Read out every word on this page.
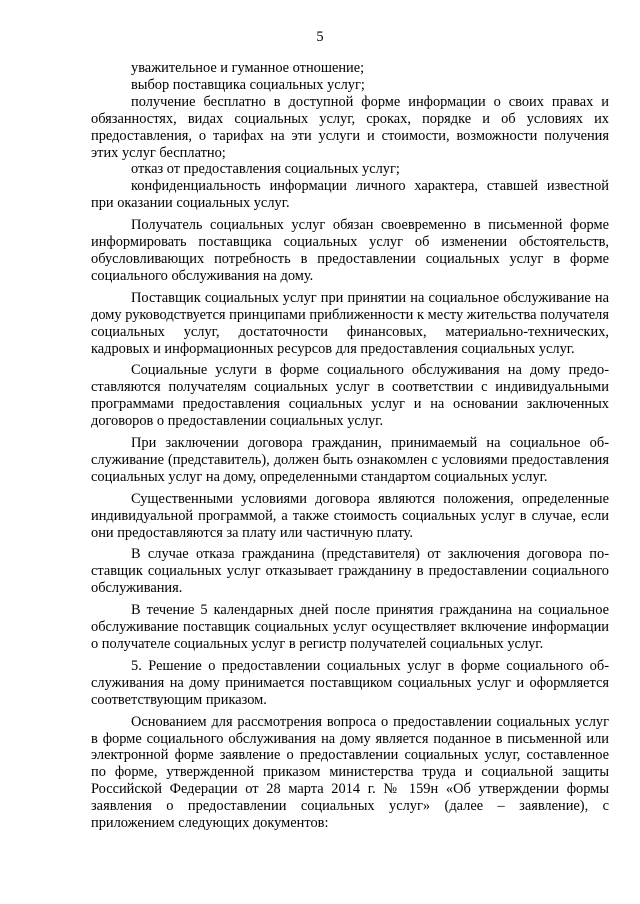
5

уважительное и гуманное отношение;

выбор поставщика социальных услуг;

получение бесплатно в доступной форме информации о своих правах и обязанностях, видах социальных услуг, сроках, порядке и об условиях их предоставления, о тарифах на эти услуги и стоимости, возможности получения этих услуг бесплатно;

отказ от предоставления социальных услуг;

конфиденциальность информации личного характера, ставшей известной при оказании социальных услуг.

Получатель социальных услуг обязан своевременно в письменной форме информировать поставщика социальных услуг об изменении обстоятельств, обусловливающих потребность в предоставлении социальных услуг в форме социального обслуживания на дому.

Поставщик социальных услуг при принятии на социальное обслуживание на дому руководствуется принципами приближенности к месту жительства получателя социальных услуг, достаточности финансовых, материально-технических, кадровых и информационных ресурсов для предоставления социальных услуг.

Социальные услуги в форме социального обслуживания на дому предоставляются получателям социальных услуг в соответствии с индивидуальными программами предоставления социальных услуг и на основании заключенных договоров о предоставлении социальных услуг.

При заключении договора гражданин, принимаемый на социальное обслуживание (представитель), должен быть ознакомлен с условиями предоставления социальных услуг на дому, определенными стандартом социальных услуг.

Существенными условиями договора являются положения, определенные индивидуальной программой, а также стоимость социальных услуг в случае, если они предоставляются за плату или частичную плату.

В случае отказа гражданина (представителя) от заключения договора поставщик социальных услуг отказывает гражданину в предоставлении социального обслуживания.

В течение 5 календарных дней после принятия гражданина на социальное обслуживание поставщик социальных услуг осуществляет включение информации о получателе социальных услуг в регистр получателей социальных услуг.

5. Решение о предоставлении социальных услуг в форме социального обслуживания на дому принимается поставщиком социальных услуг и оформляется соответствующим приказом.

Основанием для рассмотрения вопроса о предоставлении социальных услуг в форме социального обслуживания на дому является поданное в письменной или электронной форме заявление о предоставлении социальных услуг, составленное по форме, утвержденной приказом министерства труда и социальной защиты Российской Федерации от 28 марта 2014 г. № 159н «Об утверждении формы заявления о предоставлении социальных услуг» (далее – заявление), с приложением следующих документов:
